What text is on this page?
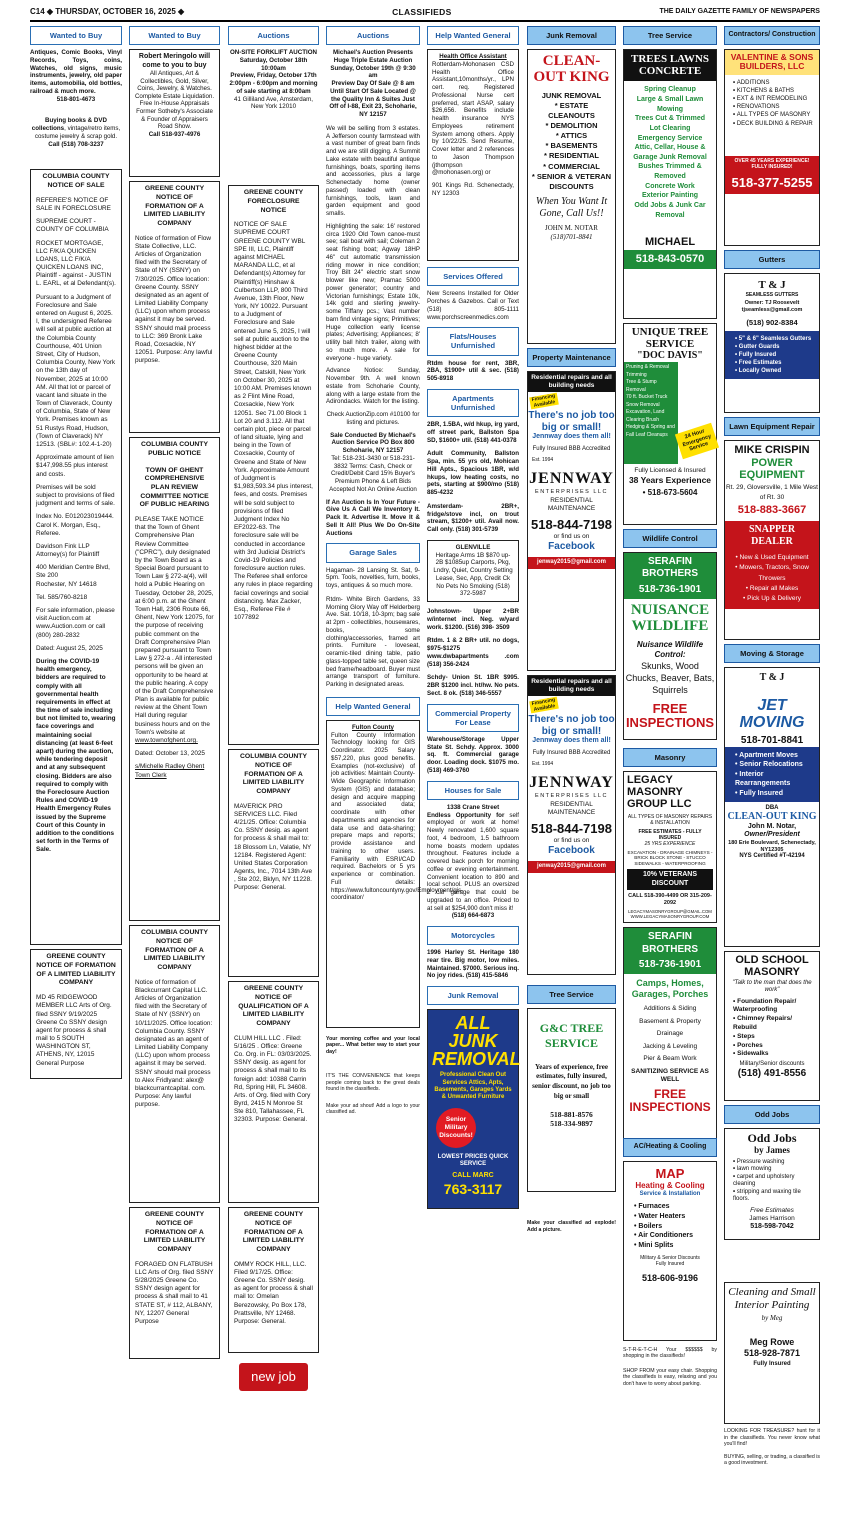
C14 ◆ THURSDAY, OCTOBER 16, 2025 ◆	CLASSIFIEDS	THE DAILY GAZETTE FAMILY OF NEWSPAPERS
Wanted to Buy
Antiques, Comic Books, Vinyl Records, Toys, coins, Watches, old signs, music instruments, jewelry, old paper items, automobilia, old bottles, railroad & much more.
518-801-4673
Buying books & DVD collections, vintage/retro items, costume jewelry & scrap gold.
Call (518) 708-3237
COLUMBIA COUNTY NOTICE OF SALE

REFEREE'S NOTICE OF SALE IN FORECLOSURE

SUPREME COURT - COUNTY OF COLUMBIA

ROCKET MORTGAGE, LLC F/K/A QUICKEN LOANS, LLC F/K/A QUICKEN LOANS INC, Plaintiff - against - JUSTIN L. EARL, et al Defendant(s).

Pursuant to a Judgment of Foreclosure and Sale entered on August 6, 2025. I, the undersigned Referee will sell at public auction at the Columbia County Courthouse, 401 Union Street, City of Hudson, Columbia County, New York on the 13th day of November, 2025 at 10:00 AM. All that lot or parcel of vacant land situate in the Town of Claverack, County of Columbia, State of New York. Premises known as 51 Rustys Road, Hudson, (Town of Claverack) NY 12513. (SBL#: 102.4-1-20)

Approximate amount of lien $147,998.55 plus interest and costs.

Premises will be sold subject to provisions of filed judgment and terms of sale.

Index No. E012023019444. Carol K. Morgan, Esq., Referee.

Davidson Fink LLP Attorney(s) for Plaintiff

400 Meridian Centre Blvd, Ste 200

Rochester, NY 14618

Tel. 585/760-8218

For sale information, please visit Auction.com at www.Auction.com or call (800) 280-2832

Dated: August 25, 2025

During the COVID-19 health emergency, bidders are required to comply with all governmental health requirements in effect at the time of sale including but not limited to, wearing face coverings and maintaining social distancing (at least 6-feet apart) during the auction, while tendering deposit and at any subsequent closing. Bidders are also required to comply with the Foreclosure Auction Rules and COVID-19 Health Emergency Rules issued by the Supreme Court of this County in addition to the conditions set forth in the Terms of Sale.

GREENE COUNTY NOTICE OF FORMATION OF A LIMITED LIABILITY COMPANY

MD 45 RIDGEWOOD MEMBER LLC Arts of Org. filed SSNY 9/19/2025 Greene Co SSNY design agent for process & shall mail to 5 SOUTH WASHINGTON ST, ATHENS, NY, 12015 General Purpose

Wanted to Buy
Robert Meringolo will come to you to buy
All Antiques, Art & Collectibles, Gold, Silver, Coins, Jewelry, & Watches. Complete Estate Liquidation. Free In-House Appraisals Former Sotheby's Associate & Founder of Appraisers Road Show.
Call 518-937-4976
GREENE COUNTY NOTICE OF FORMATION OF A LIMITED LIABILITY COMPANY

Notice of formation of Flow State Collective, LLC. Articles of Organization filed with the Secretary of State of NY (SSNY) on 7/30/2025. Office location: Greene County. SSNY designated as an agent of Limited Liability Company (LLC) upon whom process against it may be served. SSNY should mail process to LLC: 369 Bronk Lake Road, Coxsackie, NY 12051. Purpose: Any lawful purpose.

COLUMBIA COUNTY PUBLIC NOTICE
TOWN OF GHENT COMPREHENSIVE PLAN REVIEW COMMITTEE NOTICE OF PUBLIC HEARING

PLEASE TAKE NOTICE that the Town of Ghent Comprehensive Plan Review Committee ("CPRC"), duly designated by the Town Board as a Special Board pursuant to Town Law § 272-a(4), will hold a Public Hearing on Tuesday, October 28, 2025, at 6:00 p.m. at the Ghent Town Hall, 2306 Route 66, Ghent, New York 12075, for the purpose of receiving public comment on the Draft Comprehensive Plan prepared pursuant to Town Law § 272-a . All interested persons will be given an opportunity to be heard at the public hearing. A copy of the Draft Comprehensive Plan is available for public review at the Ghent Town Hall during regular business hours and on the Town's website at www.townofghent.org.

Dated: October 13, 2025

s/Michelle Radley Ghent Town Clerk

COLUMBIA COUNTY NOTICE OF FORMATION OF A LIMITED LIABILITY COMPANY

Notice of formation of Blackcurrant Capital LLC. Articles of Organization filed with the Secretary of State of NY (SSNY) on 10/11/2025. Office location: Columbia County. SSNY designated as an agent of Limited Liability Company (LLC) upon whom process against it may be served. SSNY should mail process to Alex Fridlyand: alex@ blackcurrantcapital. com. Purpose: Any lawful purpose.

GREENE COUNTY NOTICE OF FORMATION OF A LIMITED LIABILITY COMPANY

FORAGED ON FLATBUSH LLC Arts of Org. filed SSNY 5/28/2025 Greene Co. SSNY design agent for process & shall mail to 41 STATE ST, # 112, ALBANY, NY, 12207 General Purpose

Auctions
ON-SITE FORKLIFT AUCTION
Saturday, October 18th 10:00am
Preview, Friday, October 17th 2:00pm - 6:00pm and morning of sale starting at 8:00am
41 Gilliland Ave, Amsterdam, New York 12010
GREENE COUNTY FORECLOSURE NOTICE

NOTICE OF SALE SUPREME COURT GREENE COUNTY WBL SPE III, LLC, Plaintiff against MICHAEL MARANDA LLC, et al Defendant(s) Attorney for Plaintiff(s) Hinshaw & Culbertson LLP, 800 Third Avenue, 13th Floor, New York, NY 10022. Pursuant to a Judgment of Foreclosure and Sale entered June 5, 2025, I will sell at public auction to the highest bidder at the Greene County Courthouse, 320 Main Street, Catskill, New York on October 30, 2025 at 10:00 AM. Premises known as 2 Flint Mine Road, Coxsackie, New York 12051. Sec 71.00 Block 1 Lot 20 and 3.112. All that certain plot, piece or parcel of land situate, lying and being in the Town of Coxsackie, County of Greene and State of New York. Approximate Amount of Judgment is $1,983,593.34 plus interest, fees, and costs. Premises will be sold subject to provisions of filed Judgment Index No EF2022-63. The foreclosure sale will be conducted in accordance with 3rd Judicial District's Covid-19 Policies and foreclosure auction rules. The Referee shall enforce any rules in place regarding facial coverings and social distancing. Max Zacker, Esq., Referee File # 1077892

COLUMBIA COUNTY NOTICE OF FORMATION OF A LIMITED LIABILITY COMPANY

MAVERICK PRO SERVICES LLC. Filed 4/21/25. Office: Columbia Co. SSNY desig. as agent for process & shall mail to: 18 Blossom Ln, Valatie, NY 12184. Registered Agent: United States Corporation Agents, Inc., 7014 13th Ave , Ste 202, Bklyn, NY 11228. Purpose: General.

GREENE COUNTY NOTICE OF QUALIFICATION OF A LIMITED LIABILITY COMPANY

CLUM HILL LLC . Filed: 5/16/25 . Office: Greene Co. Org. in FL: 03/03/2025. SSNY desig. as agent for process & shall mail to its foreign add: 10388 Carrin Rd, Spring Hill, FL 34608. Arts. of Org. filed with Cory Byrd, 2415 N Monroe St Ste 810, Tallahassee, FL 32303. Purpose: General.

GREENE COUNTY NOTICE OF FORMATION OF A LIMITED LIABILITY COMPANY

OMMY ROCK HILL, LLC. Filed 9/17/25. Office: Greene Co. SSNY desig. as agent for process & shall mail to: Omelan Berezowsky, Po Box 178, Prattsville, NY 12468. Purpose: General.

new job
Auctions
Michael's Auction Presents Huge Triple Estate Auction
Sunday, October 19th @ 9:30 am
Preview Day Of Sale @ 8 am Until Start Of Sale Located @ the Quality Inn & Suites Just Off of I-88, Exit 23, Schoharie, NY 12157

We will be selling from 3 estates. A Jefferson county farmstead with a vast number of great barn finds and we are still digging. A Summit Lake estate with beautiful antique furnishings, boats, sporting items and accessories, plus a large Schenectady home (owner passed) loaded with clean furnishings, tools, lawn and garden equipment and good smalls.

Highlighting the sale: 16' restored circa 1920 Old Town canoe-must see; sail boat with sail; Coleman 2 seat fishing boat; Agway 18HP 46" cut automatic transmission riding mower in nice condition; Troy Bilt 24" electric start snow blower like new; Pramac 5000 power generator; country and Victorian furnishings; Estate 10k, 14k gold and sterling jewelry- some Tiffany pcs.; Vast number barn find vintage signs; Primitives; Huge collection early license plates; Advertising; Appliances; 8' utility ball hitch trailer, along with so much more. A sale for everyone - huge variety.

Advance Notice: Sunday, November 9th. A well known estate from Schoharie County, along with a large estate from the Adirondacks. Watch for the listing.

Check AuctionZip.com #10100 for listing and pictures.

Sale Conducted By Michael's Auction Service PO Box 800 Schoharie, NY 12157
Tel: 518-231-3430 or 518-231-3832 Terms: Cash, Check or Credit/Debit Card 15% Buyer's Premium Phone & Left Bids Accepted Not An Online Auction
If An Auction Is In Your Future - Give Us A Call We Inventory It. Pack It. Advertise It. Move It & Sell It All! Plus We Do On-Site Auctions
Garage Sales
Hagaman- 28 Lansing St. Sat, 9-5pm. Tools, novelties, furn, books, toys, antiques & so much more.
Rtdm- White Birch Gardens, 33 Morning Glory Way off Helderberg Ave. Sat. 10/18, 10-3pm; bag sale at 2pm - collectibles, housewares, books, some clothing/accessories, framed art prints. Furniture - loveseat, ceramic-tiled dining table, patio glass-topped table set, queen size bed frame/headboard. Buyer must arrange transport of furniture. Parking in designated areas.
Help Wanted General
Fulton County
Fulton County Information Technology looking for GIS Coordinator. 2025 Salary $57,220, plus good benefits. Examples (not-exclusive) of job activities: Maintain County-Wide Geographic Information System (GIS) and database; design and acquire mapping and associated data; coordinate with other departments and agencies for data use and data-sharing; prepare maps and reports; provide assistance and training to other users. Familiarity with ESRI/CAD required. Bachelors or 5 yrs experience or combination. Full details: https://www.fultoncountyny.gov/Employment/gis-coordinator/
Your morning coffee and your local paper... What better way to start your day!
IT'S THE CONVENIENCE that keeps people coming back to the great deals found in the classifieds.
Make your ad shout! Add a logo to your classified ad.
Help Wanted General
Health Office Assistant

Rotterdam-Mohonasen CSD Health Office Assistant,10months/yr., LPN cert. req. Registered Professional Nurse cert preferred, start ASAP, salary $26,656. Benefits include health insurance NYS Employees retirement System among others. Apply by 10/22/25. Send Resume, Cover letter and 2 references to Jason Thompson (jthompson @mohonasen.org) or

901 Kings Rd. Schenectady, NY 12303

Services Offered
New Screens Installed for Older Porches & Gazebos. Call or Text (518) 805-1111 www.porchscreenmedics.com
Flats/Houses Unfurnished
Rtdm house for rent, 3BR, 2BA, $1900+ util & sec. (518) 505-8918
Apartments Unfurnished
2BR, 1.5BA, w/d hkup, irg yard, off street park, Ballston Spa SD, $1600+ util. (518) 441-0378
Adult Community, Ballston Spa, min. 55 yrs old, Mohican Hill Apts., Spacious 1BR, w/d hkups, low heating costs, no pets, starting at $900/mo (518) 885-4232
Amsterdam- 2BR+, fridge/stove incl, on trout stream, $1200+ util. Avail now. Call only. (518) 301-5739
GLENVILLE
Heritage Arms 1B $870 up-2B $1085up Carports, Pkg, Lndry, Quiet, Country Setting Lease, Sec, App, Credit Ck No Pets No Smoking (518) 372-5987
Johnstown- Upper 2+BR w/internet incl. Neg. w/yard work. $1200. (516) 398- 3509
Rtdm. 1 & 2 BR+ util. no dogs, $975-$1275 www.dwbapartments .com (518) 356-2424
Schdy- Union St. 1BR $995. 2BR $1200 incl. ht/hw. No pets. Sect. 8 ok. (518) 346-5557
Commercial Property For Lease
Warehouse/Storage Upper State St. Schdy. Approx. 3000 sq. ft. Commercial garage door. Loading dock. $1075 mo. (518) 469-3760
Houses for Sale
1338 Crane Street
Endless Opportunity for self employed or work at home! Newly renovated 1,600 square foot, 4 bedroom, 1.5 bathroom home boasts modern updates throughout. Features include a covered back porch for morning coffee or evening entertainment. Convenient location to 890 and local school. PLUS an oversized 2 car garage that could be upgraded to an office. Priced to at sell at $254,900 don't miss it!
(518) 664-6873
Motorcycles
1996 Harley St. Heritage 180 rear tire. Big motor, low miles. Maintained. $7000. Serious inq. No joy rides. (518) 415-5846
Junk Removal
ALL JUNK
REMOVAL
Professional Clean Out Services Attics, Apts, Basements, Garages Yards & Unwanted Furniture
Senior Military Discounts!
LOWEST PRICES QUICK SERVICE
CALL MARC
763-3117
Junk Removal
CLEAN-OUT KING
JUNK REMOVAL
* ESTATE CLEANOUTS
* DEMOLITION
* ATTICS
* BASEMENTS
* RESIDENTIAL
* COMMERCIAL
* SENIOR & VETERAN DISCOUNTS
When You Want It Gone, Call Us!!
JOHN M. NOTAR
(518)701-8841
Property Maintenance
Residential repairs and all building needs
Financing Available
There's no job too big or small!
Jennway does them all!
Fully Insured BBB Accredited
Est. 1994
JENNWAY
ENTERPRISES LLC
RESIDENTIAL MAINTENANCE
518-844-7198
or find us on
Facebook
jenway2015@gmail.com
Residential repairs and all building needs
Financing Available
There's no job too big or small!
Jennway does them all!
Fully Insured BBB Accredited
Est. 1994
JENNWAY
ENTERPRISES LLC
RESIDENTIAL MAINTENANCE
518-844-7198
or find us on
Facebook
jenway2015@gmail.com
Tree Service
G&C TREE SERVICE
Years of experience, free estimates, fully insured, senior discount, no job too big or small
518-881-8576
518-334-9897
Make your classified ad explode! Add a picture.
Tree Service
TREES LAWNS CONCRETE
Spring Cleanup
Large & Small Lawn Mowing
Trees Cut & Trimmed
Lot Clearing
Emergency Service
Attic, Cellar, House & Garage Junk Removal
Bushes Trimmed & Removed
Concrete Work
Exterior Painting
Odd Jobs & Junk Car Removal
MICHAEL
518-843-0570
UNIQUE TREE SERVICE
"DOC DAVIS"
Pruning & Removal
Trimming
Tree & Stump Removal
70 ft. Bucket Truck
Snow Removal
Excavation, Land Clearing Brush
Hedging & Spring and Fall Leaf Cleanups	24 Hour Emergency Service
Fully Licensed & Insured
38 Years Experience
• 518-673-5604
Wildlife Control
SERAFIN BROTHERS
518-736-1901
NUISANCE WILDLIFE
Nuisance Wildlife Control:
Skunks, Wood Chucks, Beaver, Bats, Squirrels
FREE INSPECTIONS
Masonry
LEGACY MASONRY GROUP LLC
ALL TYPES OF MASONRY REPAIRS & INSTALLATION
FREE ESTIMATES - FULLY INSURED
25 YRS EXPERIENCE
EXCAVATION - DRAINAGE CHIMNEYS - BRICK BLOCK STONE - STUCCO SIDEWALKS - WATERPROOFING
10% VETERANS DISCOUNT
CALL 518-390-4499 OR 315-209-2092
LEGACYMASONRYGROUP@GMAIL.COM WWW.LEGACYMASONRYGROUP.COM
SERAFIN BROTHERS
518-736-1901
Camps, Homes, Garages, Porches
Additions & Siding
Basement & Property
Drainage
Jacking & Leveling
Pier & Beam Work
SANITIZING SERVICE AS WELL
FREE INSPECTIONS
Contractors/ Construction
VALENTINE & SONS BUILDERS, LLC
• ADDITIONS
• KITCHENS & BATHS
• EXT & INT REMODELING
• RENOVATIONS
• ALL TYPES OF MASONRY
• DECK BUILDING & REPAIR
OVER 45 YEARS EXPERIENCE! FULLY INSURED!
518-377-5255
Gutters
T & J
SEAMLESS GUTTERS
Owner: TJ Roosevelt
tjseamless@gmail.com
(518) 902-8384
• 5" & 6" Seamless Gutters
• Gutter Guards
• Fully Insured
• Free Estimates
• Locally Owned
Lawn Equipment Repair
MIKE CRISPIN
POWER EQUIPMENT
Rt. 29, Gloversville, 1 Mile West of Rt. 30
518-883-3667
SNAPPER DEALER
• New & Used Equipment
• Mowers, Tractors, Snow Throwers
• Repair all Makes
• Pick Up & Delivery
Moving & Storage
T & J
JET MOVING
518-701-8841
• Apartment Moves
• Senior Relocations
• Interior Rearrangements
• Fully Insured
DBA
CLEAN-OUT KING
John M. Notar,
Owner/President
180 Erie Boulevard, Schenectady, NY12305
NYS Certified #T-42194
OLD SCHOOL MASONRY
"Talk to the man that does the work"
• Foundation Repair/ Waterproofing
• Chimney Repairs/ Rebuild
• Steps
• Porches
• Sidewalks
Military/Senior discounts
(518) 491-8556
Odd Jobs
Odd Jobs
by James
• Pressure washing
• lawn mowing
• carpet and upholstery cleaning
• stripping and waxing tile floors.
Free Estimates
James Harrison
518-598-7042
AC/Heating & Cooling
MAP
Heating & Cooling
Service & Installation
• Furnaces
• Water Heaters
• Boilers
• Air Conditioners
• Mini Splits
Military & Senior Discounts
Fully Insured
518-606-9196
S-T-R-E-T-C-H Your $$$$$$ by shopping in the classifieds!
SHOP FROM your easy chair. Shopping the classifieds is easy, relaxing and you don't have to worry about parking.
Cleaning and Small Interior Painting
by Meg
Meg Rowe
518-928-7871
Fully Insured
LOOKING FOR TREASURE? hunt for it in the classifieds. You never know what you'll find!
BUYING, selling, or trading, a classified is a good investment.
